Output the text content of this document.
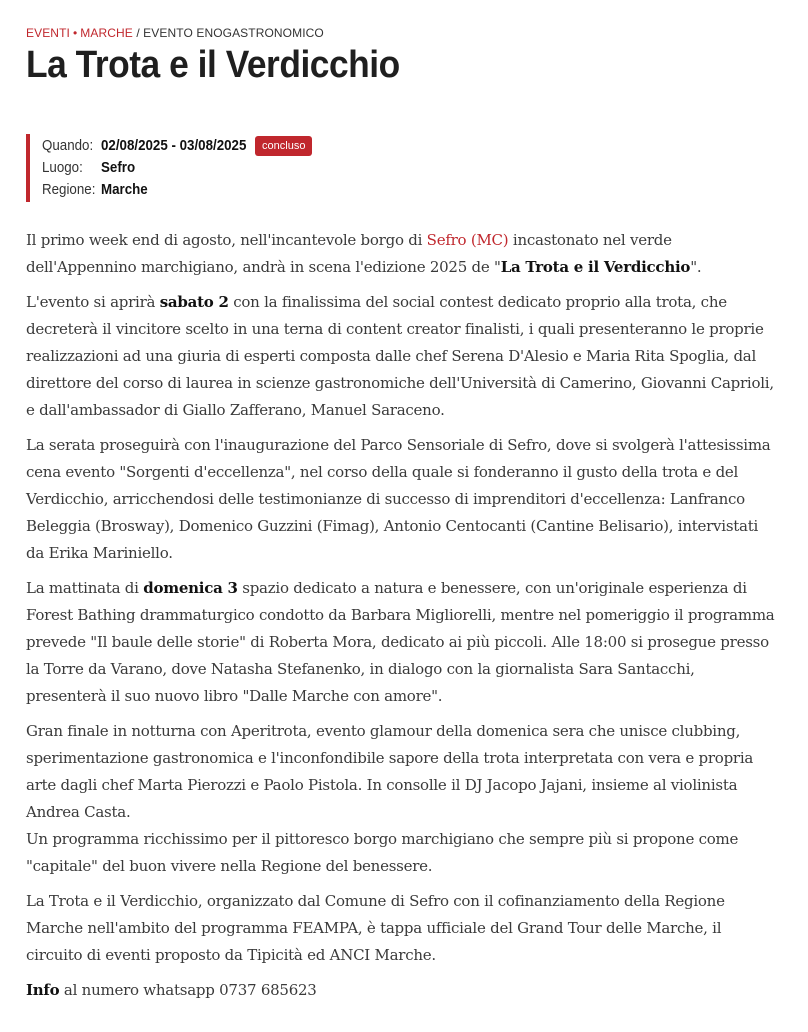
EVENTI • MARCHE / EVENTO ENOGASTRONOMICO
La Trota e il Verdicchio
Quando: 02/08/2025 - 03/08/2025	concluso
Luogo:	Sefro
Regione: Marche

Il primo week end di agosto, nell'incantevole borgo di Sefro (MC) incastonato nel verde dell'Appennino marchigiano, andrà in scena l'edizione 2025 de "La Trota e il Verdicchio".

L'evento si aprirà sabato 2 con la finalissima del social contest dedicato proprio alla trota, che decreterà il vincitore scelto in una terna di content creator finalisti, i quali presenteranno le proprie realizzazioni ad una giuria di esperti composta dalle chef Serena D'Alesio e Maria Rita Spoglia, dal direttore del corso di laurea in scienze gastronomiche dell'Università di Camerino, Giovanni Caprioli, e dall'ambassador di Giallo Zafferano, Manuel Saraceno.

La serata proseguirà con l'inaugurazione del Parco Sensoriale di Sefro, dove si svolgerà l'attesissima cena evento "Sorgenti d'eccellenza", nel corso della quale si fonderanno il gusto della trota e del Verdicchio, arricchendosi delle testimonianze di successo di imprenditori d'eccellenza: Lanfranco Beleggia (Brosway), Domenico Guzzini (Fimag), Antonio Centocanti (Cantine Belisario), intervistati da Erika Mariniello.

La mattinata di domenica 3 spazio dedicato a natura e benessere, con un'originale esperienza di Forest Bathing drammaturgico condotto da Barbara Migliorelli, mentre nel pomeriggio il programma prevede "Il baule delle storie" di Roberta Mora, dedicato ai più piccoli. Alle 18:00 si prosegue presso la Torre da Varano, dove Natasha Stefanenko, in dialogo con la giornalista Sara Santacchi, presenterà il suo nuovo libro "Dalle Marche con amore".

Gran finale in notturna con Aperitrota, evento glamour della domenica sera che unisce clubbing, sperimentazione gastronomica e l'inconfondibile sapore della trota interpretata con vera e propria arte dagli chef Marta Pierozzi e Paolo Pistola. In consolle il DJ Jacopo Jajani, insieme al violinista Andrea Casta.

Un programma ricchissimo per il pittoresco borgo marchigiano che sempre più si propone come "capitale" del buon vivere nella Regione del benessere.

La Trota e il Verdicchio, organizzato dal Comune di Sefro con il cofinanziamento della Regione Marche nell'ambito del programma FEAMPA, è tappa ufficiale del Grand Tour delle Marche, il circuito di eventi proposto da Tipicità ed ANCI Marche.

Info al numero whatsapp 0737 685623
